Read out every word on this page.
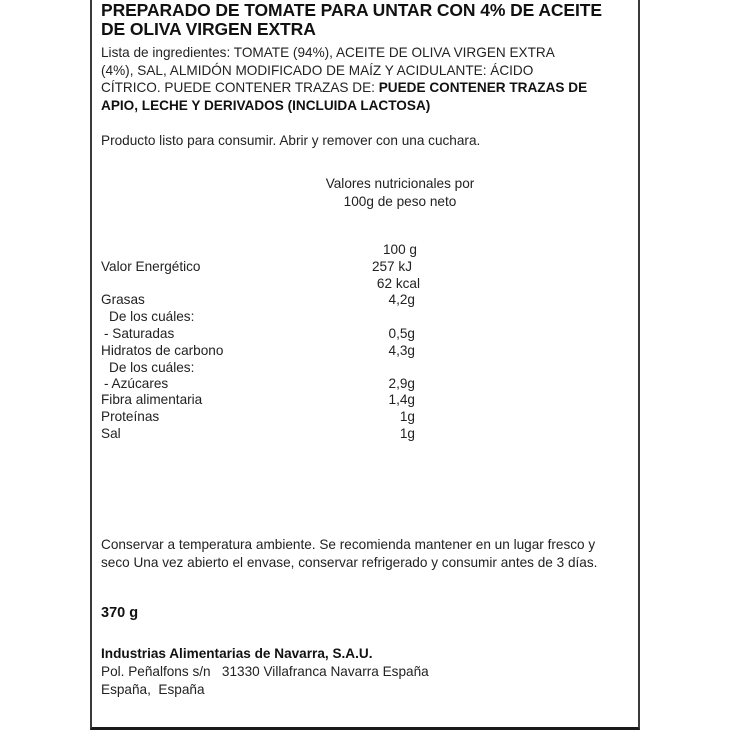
PREPARADO DE TOMATE PARA UNTAR CON 4% DE ACEITE
DE OLIVA VIRGEN EXTRA
Lista de ingredientes: TOMATE (94%), ACEITE DE OLIVA VIRGEN EXTRA
(4%), SAL, ALMIDÓN MODIFICADO DE MAÍZ Y ACIDULANTE: ÁCIDO
CÍTRICO. PUEDE CONTENER TRAZAS DE: PUEDE CONTENER TRAZAS DE
APIO, LECHE Y DERIVADOS (INCLUIDA LACTOSA)
Producto listo para consumir. Abrir y remover con una cuchara.
Valores nutricionales por
100g de peso neto
100 g
Valor Energético	257 kJ
62 kcal
Grasas	4,2g
De los cuáles:
- Saturadas	0,5g
Hidratos de carbono	4,3g
De los cuáles:
- Azúcares	2,9g
Fibra alimentaria	1,4g
Proteínas	1g
Sal	1g
Conservar a temperatura ambiente. Se recomienda mantener en un lugar fresco y
seco Una vez abierto el envase, conservar refrigerado y consumir antes de 3 días.
370 g
Industrias Alimentarias de Navarra, S.A.U.
Pol. Peñalfons s/n   31330 Villafranca Navarra España
España,  España
